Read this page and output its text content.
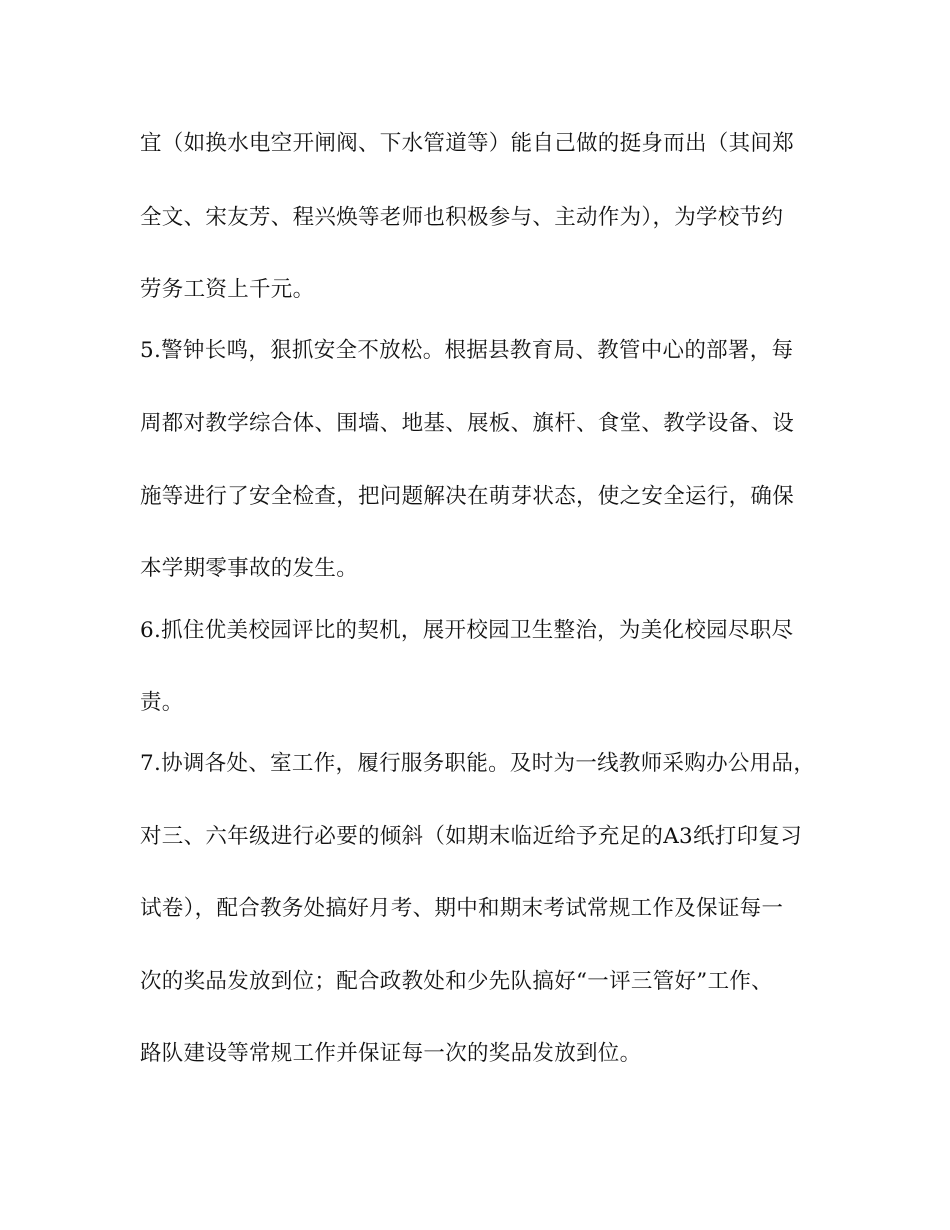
宜（如换水电空开闸阀、下水管道等）能自己做的挺身而出（其间郑
全文、宋友芳、程兴焕等老师也积极参与、主动作为），为学校节约
劳务工资上千元。
5.警钟长鸣，狠抓安全不放松。根据县教育局、教管中心的部署，每
周都对教学综合体、围墙、地基、展板、旗杆、食堂、教学设备、设
施等进行了安全检查，把问题解决在萌芽状态，使之安全运行，确保
本学期零事故的发生。
6.抓住优美校园评比的契机，展开校园卫生整治，为美化校园尽职尽
责。
7.协调各处、室工作，履行服务职能。及时为一线教师采购办公用品，
对三、六年级进行必要的倾斜（如期末临近给予充足的A3纸打印复习
试卷），配合教务处搞好月考、期中和期末考试常规工作及保证每一
次的奖品发放到位；配合政教处和少先队搞好“一评三管好”工作、
路队建设等常规工作并保证每一次的奖品发放到位。
